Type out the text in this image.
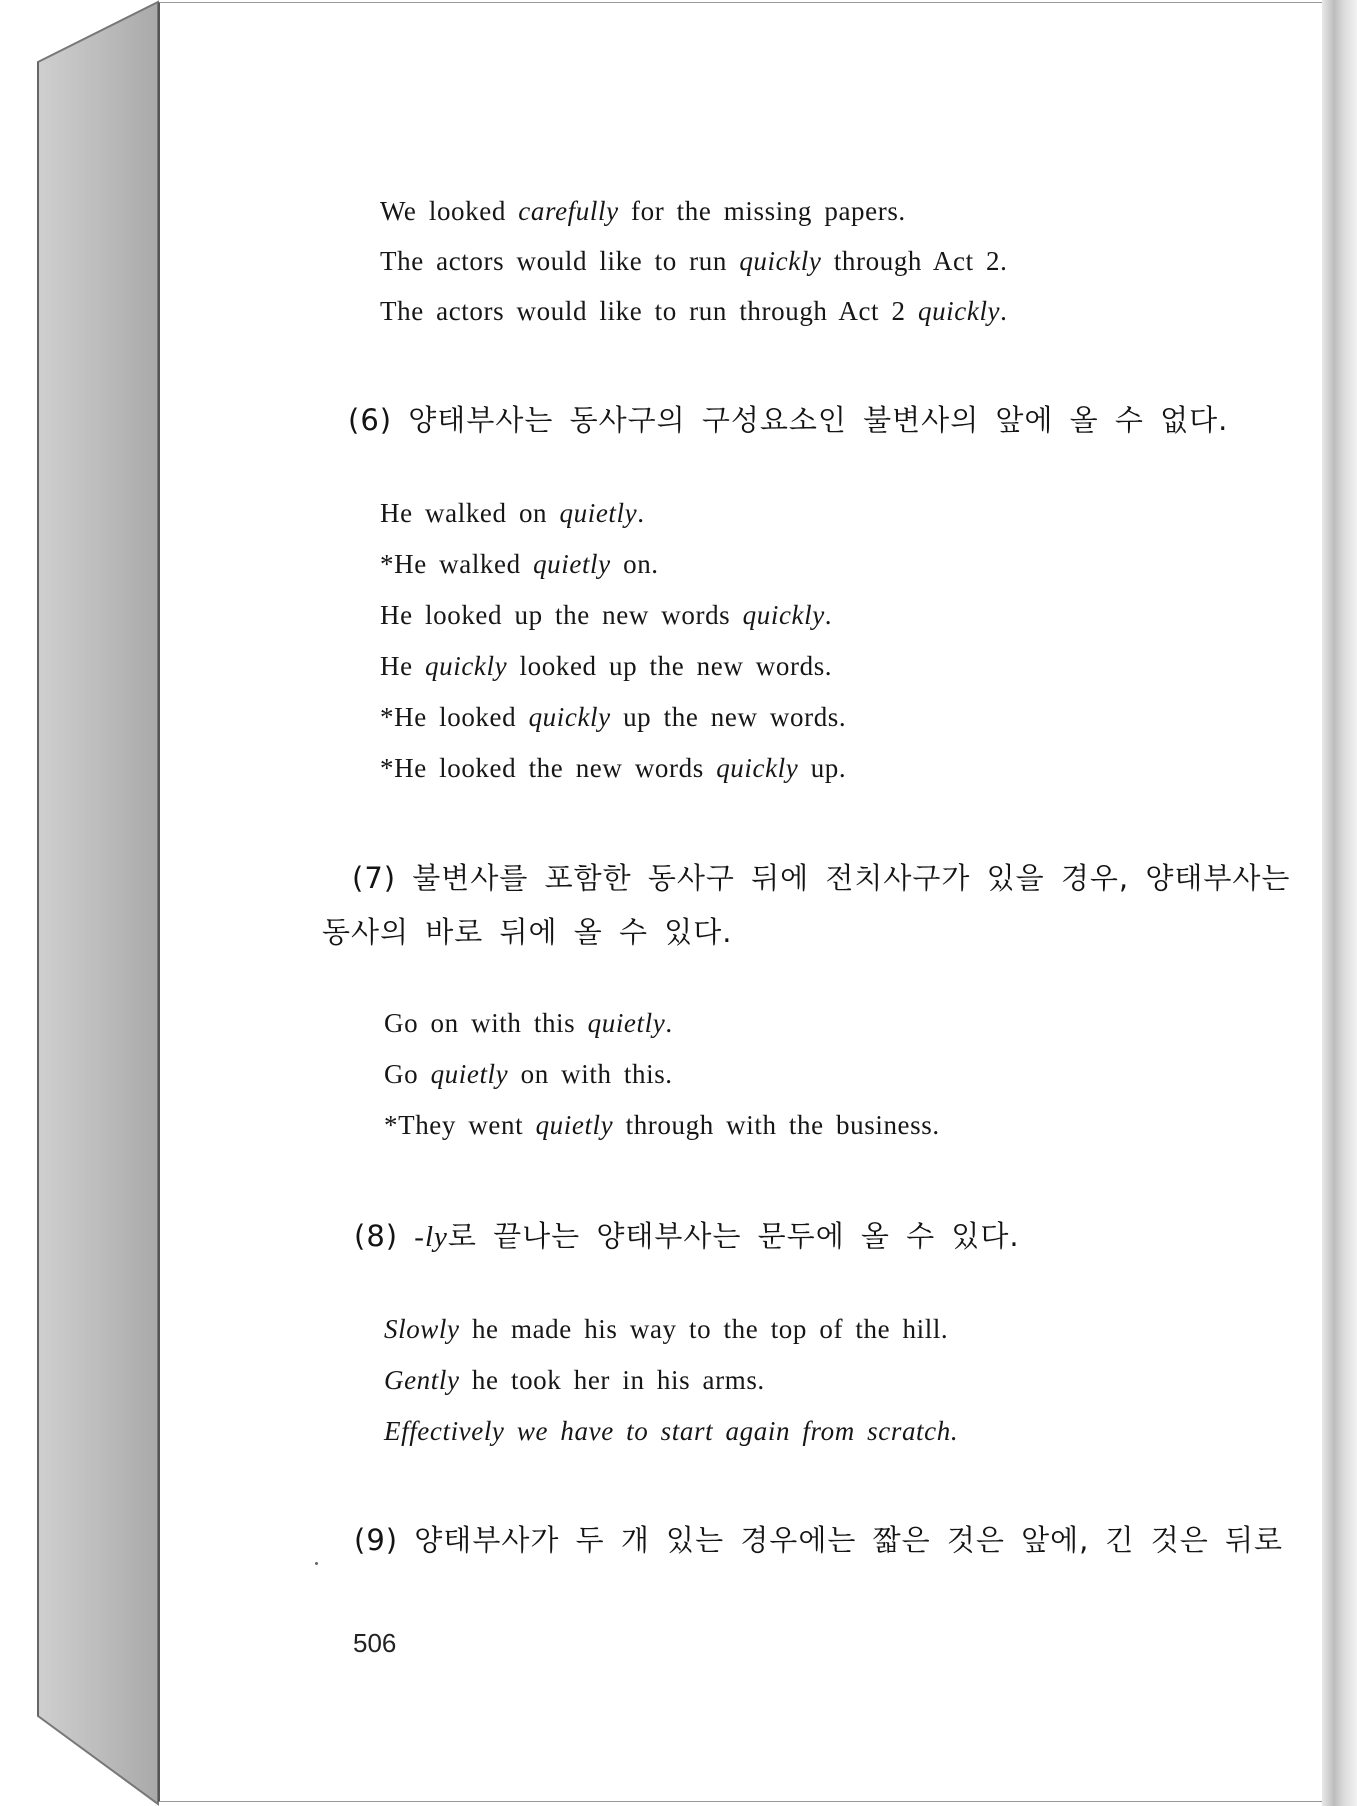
We looked carefully for the missing papers.
The actors would like to run quickly through Act 2.
The actors would like to run through Act 2 quickly.
(6) 양태부사는 동사구의 구성요소인 불변사의 앞에 올 수 없다.
He walked on quietly.
*He walked quietly on.
He looked up the new words quickly.
He quickly looked up the new words.
*He looked quickly up the new words.
*He looked the new words quickly up.
(7) 불변사를 포함한 동사구 뒤에 전치사구가 있을 경우, 양태부사는
동사의 바로 뒤에 올 수 있다.
Go on with this quietly.
Go quietly on with this.
*They went quietly through with the business.
(8) -ly로 끝나는 양태부사는 문두에 올 수 있다.
Slowly he made his way to the top of the hill.
Gently he took her in his arms.
Effectively we have to start again from scratch.
(9) 양태부사가 두 개 있는 경우에는 짧은 것은 앞에, 긴 것은 뒤로
506
